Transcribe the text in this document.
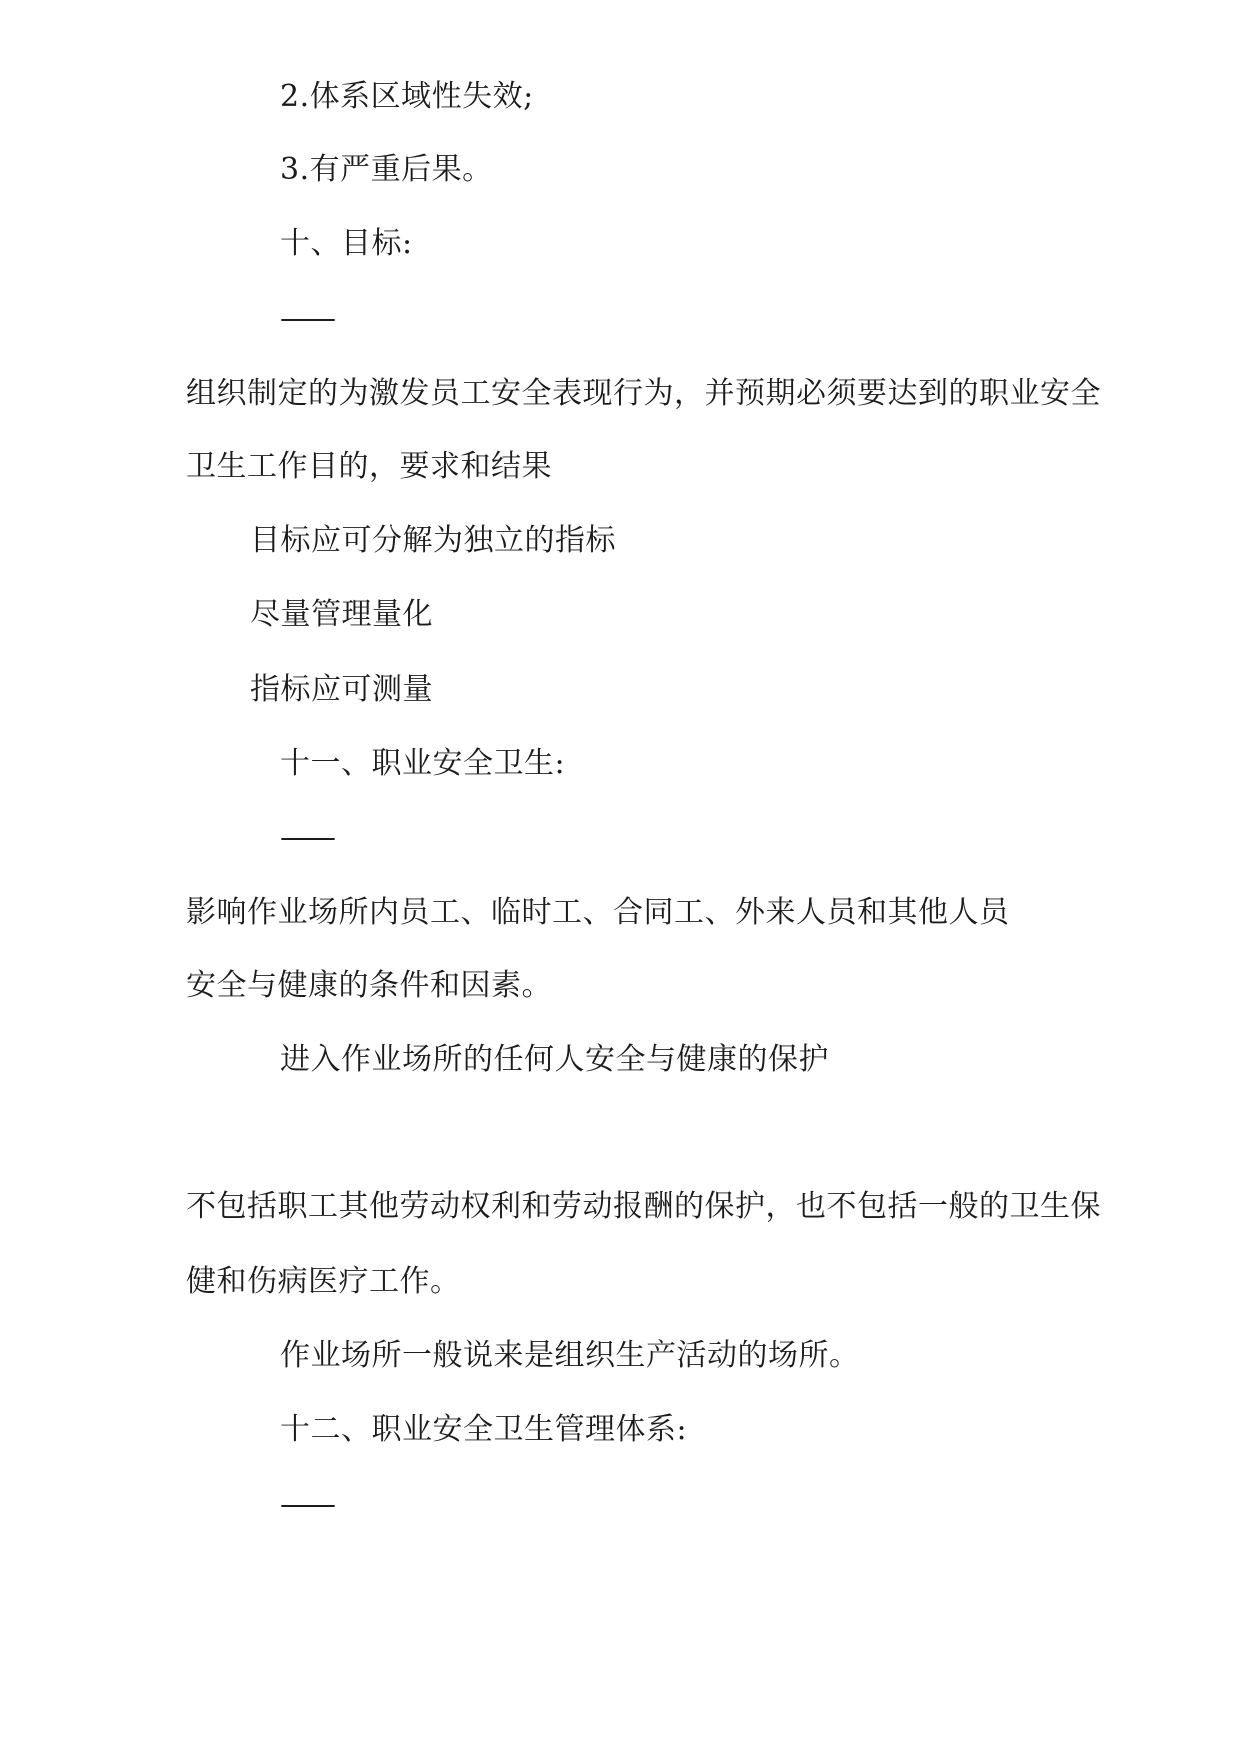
2.体系区域性失效;
3.有严重后果。
十、目标:
——
组织制定的为激发员工安全表现行为，并预期必须要达到的职业安全
卫生工作目的，要求和结果
目标应可分解为独立的指标
尽量管理量化
指标应可测量
十一、职业安全卫生:
——
影响作业场所内员工、临时工、合同工、外来人员和其他人员
安全与健康的条件和因素。
进入作业场所的任何人安全与健康的保护
不包括职工其他劳动权利和劳动报酬的保护，也不包括一般的卫生保
健和伤病医疗工作。
作业场所一般说来是组织生产活动的场所。
十二、职业安全卫生管理体系:
——
